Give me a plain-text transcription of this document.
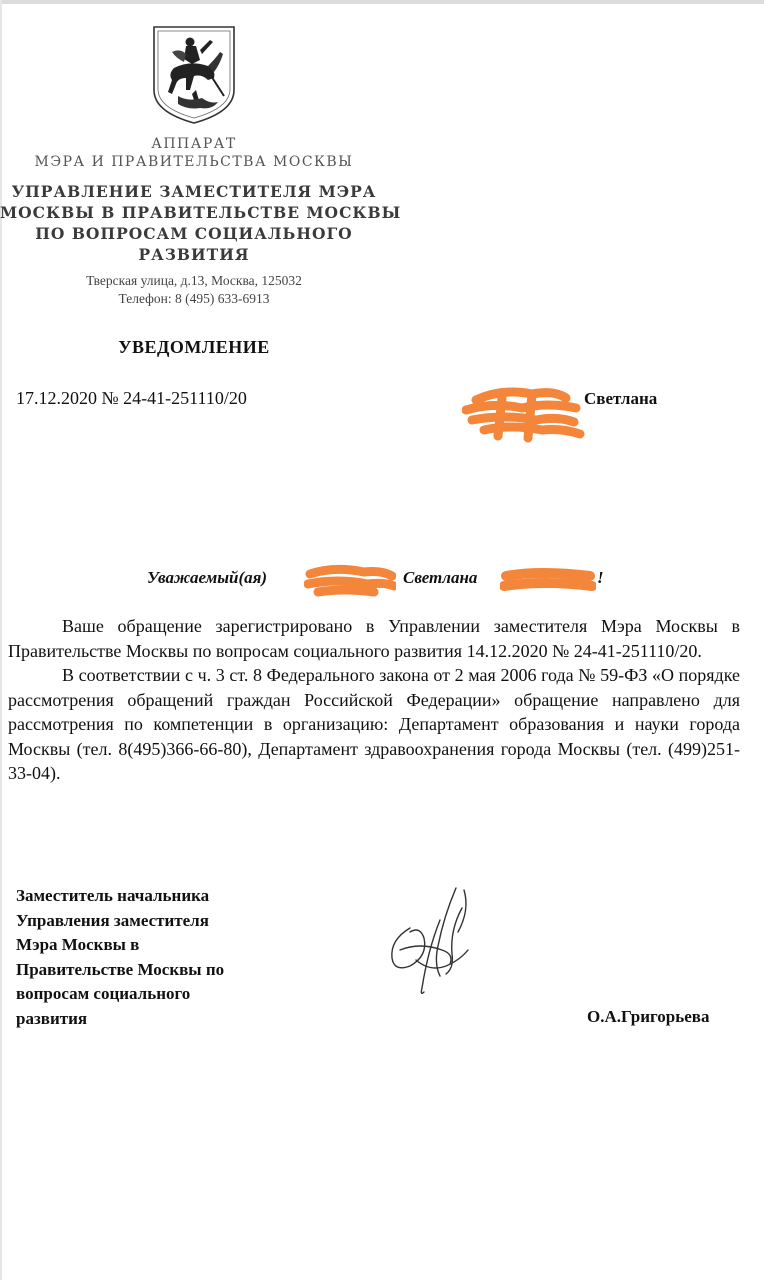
АППАРАТ
МЭРА И ПРАВИТЕЛЬСТВА МОСКВЫ
УПРАВЛЕНИЕ ЗАМЕСТИТЕЛЯ МЭРА
МОСКВЫ В ПРАВИТЕЛЬСТВЕ МОСКВЫ
ПО ВОПРОСАМ СОЦИАЛЬНОГО
РАЗВИТИЯ
Тверская улица, д.13, Москва, 125032
Телефон: 8 (495) 633-6913
УВЕДОМЛЕНИЕ
17.12.2020 № 24-41-251110/20	Светлана
Уважаемый(ая)	Светлана	!

Ваше обращение зарегистрировано в Управлении заместителя Мэра Москвы в Правительстве Москвы по вопросам социального развития 14.12.2020 № 24-41-251110/20.

В соответствии с ч. 3 ст. 8 Федерального закона от 2 мая 2006 года № 59-ФЗ «О порядке рассмотрения обращений граждан Российской Федерации» обращение направлено для рассмотрения по компетенции в организацию: Департамент образования и науки города Москвы (тел. 8(495)366-66-80), Департамент здравоохранения города Москвы (тел. (499)251-33-04).

Заместитель начальника
Управления заместителя
Мэра Москвы в
Правительстве Москвы по
вопросам социального
развития	О.А.Григорьева
